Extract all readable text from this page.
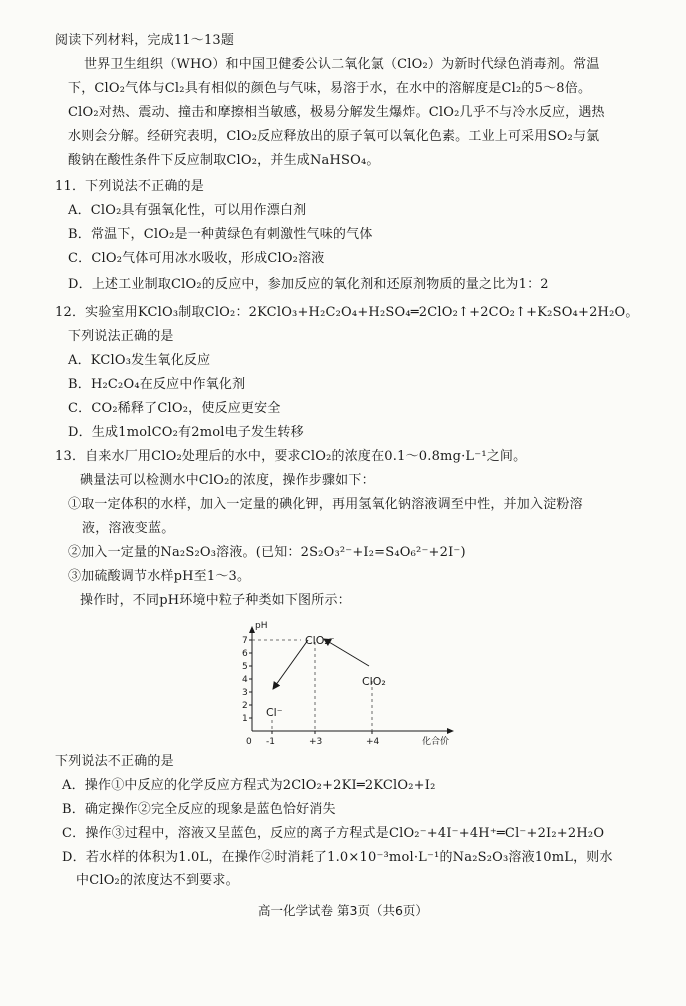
阅读下列材料，完成11～13题
世界卫生组织（WHO）和中国卫健委公认二氧化氯（ClO₂）为新时代绿色消毒剂。常温
下，ClO₂气体与Cl₂具有相似的颜色与气味，易溶于水，在水中的溶解度是Cl₂的5～8倍。
ClO₂对热、震动、撞击和摩擦相当敏感，极易分解发生爆炸。ClO₂几乎不与冷水反应，遇热
水则会分解。经研究表明，ClO₂反应释放出的原子氧可以氧化色素。工业上可采用SO₂与氯
酸钠在酸性条件下反应制取ClO₂，并生成NaHSO₄。
11．下列说法不正确的是
A．ClO₂具有强氧化性，可以用作漂白剂
B．常温下，ClO₂是一种黄绿色有刺激性气味的气体
C．ClO₂气体可用冰水吸收，形成ClO₂溶液
D．上述工业制取ClO₂的反应中，参加反应的氧化剂和还原剂物质的量之比为1：2
12．实验室用KClO₃制取ClO₂：2KClO₃+H₂C₂O₄+H₂SO₄═2ClO₂↑+2CO₂↑+K₂SO₄+2H₂O。
下列说法正确的是
A．KClO₃发生氧化反应
B．H₂C₂O₄在反应中作氧化剂
C．CO₂稀释了ClO₂，使反应更安全
D．生成1molCO₂有2mol电子发生转移
13．自来水厂用ClO₂处理后的水中，要求ClO₂的浓度在0.1～0.8mg·L⁻¹之间。
碘量法可以检测水中ClO₂的浓度，操作步骤如下：
①取一定体积的水样，加入一定量的碘化钾，再用氢氧化钠溶液调至中性，并加入淀粉溶
液，溶液变蓝。
②加入一定量的Na₂S₂O₃溶液。(已知：2S₂O₃²⁻+I₂=S₄O₆²⁻+2I⁻)
③加硫酸调节水样pH至1～3。
操作时，不同pH环境中粒子种类如下图所示：
pH
化合价
1
2
3
4
5
6
7
0 -1	+3	+4
ClO₂⁻
ClO₂
Cl⁻
下列说法不正确的是
A．操作①中反应的化学反应方程式为2ClO₂+2KI═2KClO₂+I₂
B．确定操作②完全反应的现象是蓝色恰好消失
C．操作③过程中，溶液又呈蓝色，反应的离子方程式是ClO₂⁻+4I⁻+4H⁺═Cl⁻+2I₂+2H₂O
D．若水样的体积为1.0L，在操作②时消耗了1.0×10⁻³mol·L⁻¹的Na₂S₂O₃溶液10mL，则水
中ClO₂的浓度达不到要求。
高一化学试卷 第3页（共6页）
